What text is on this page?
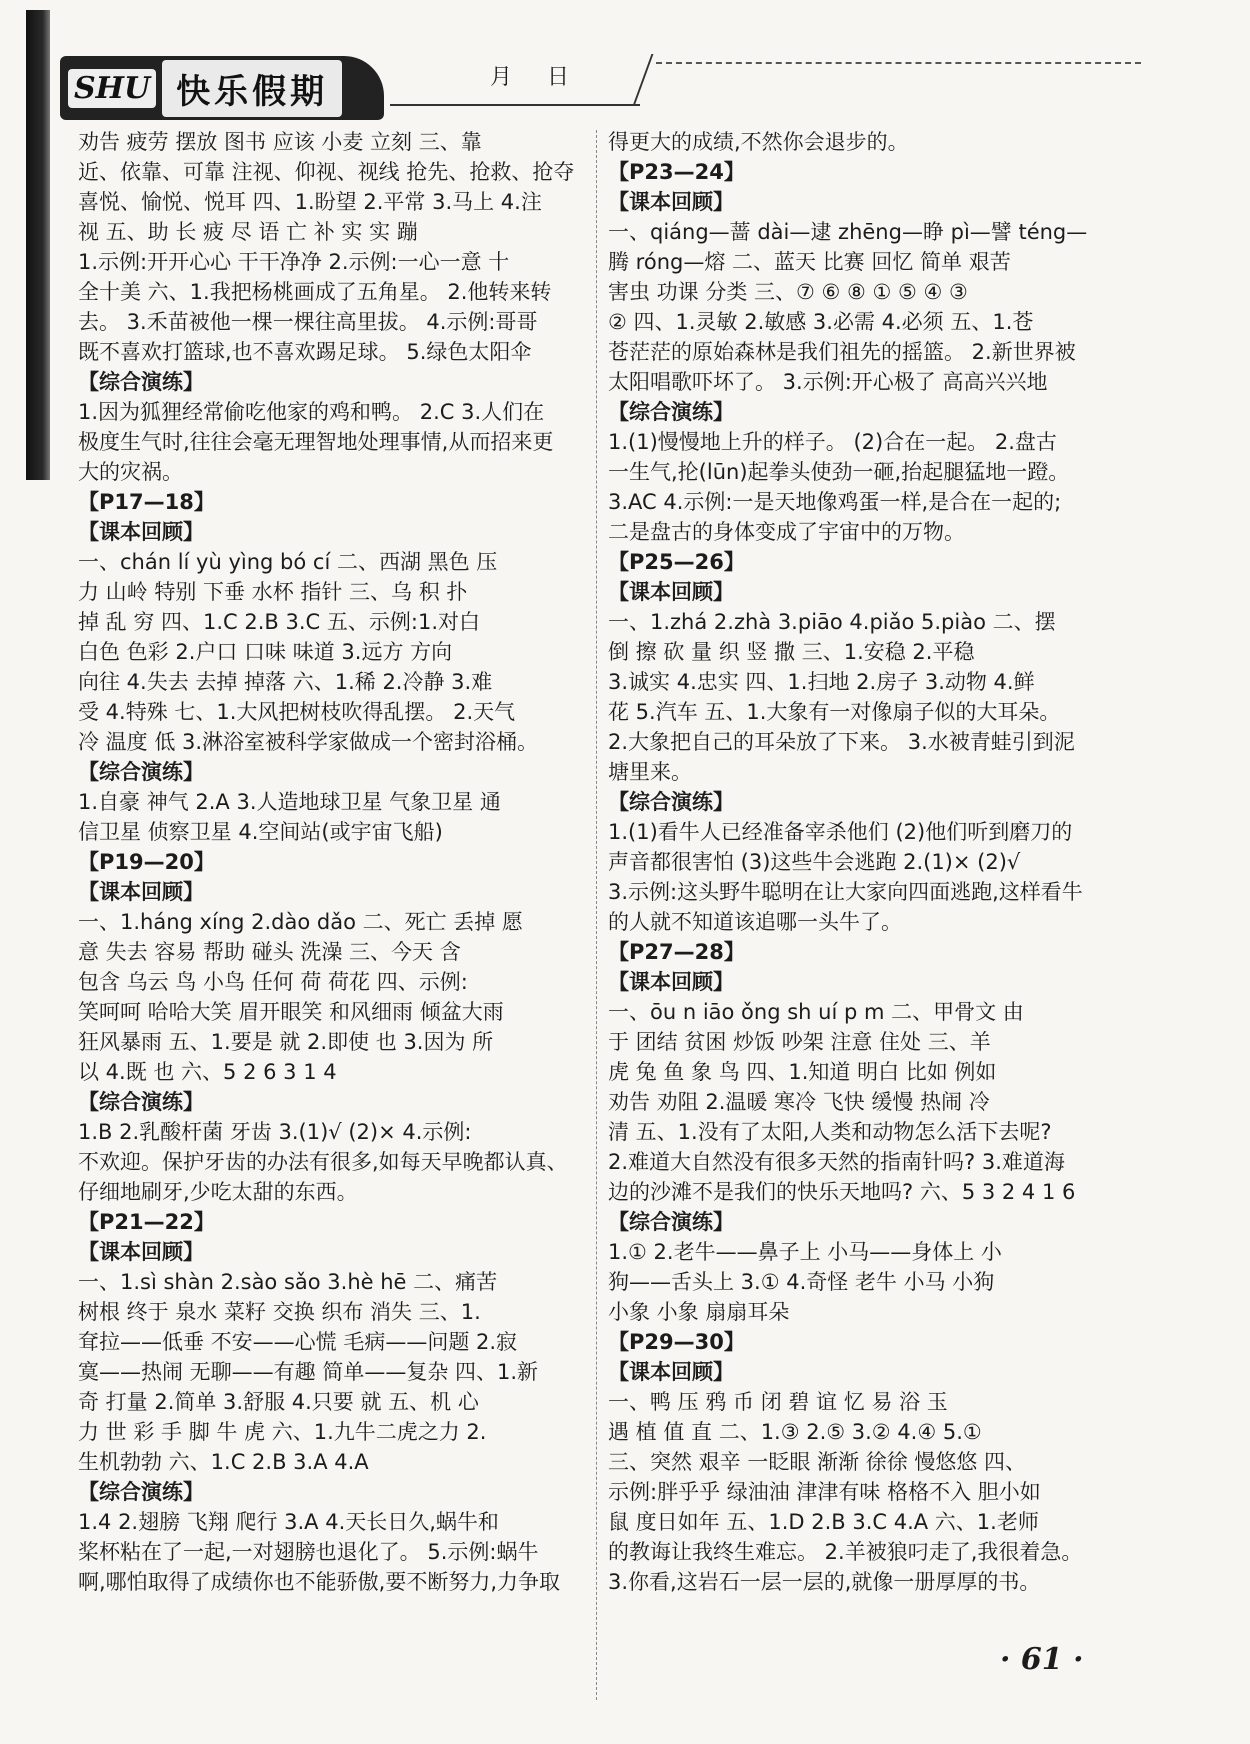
SHU 快乐假期	月 日
劝告 疲劳 摆放 图书 应该 小麦 立刻 三、靠
近、依靠、可靠 注视、仰视、视线 抢先、抢救、抢夺
喜悦、愉悦、悦耳 四、1.盼望 2.平常 3.马上 4.注
视 五、助 长 疲 尽 语 亡 补 实 实 蹦
1.示例:开开心心 干干净净 2.示例:一心一意 十
全十美 六、1.我把杨桃画成了五角星。 2.他转来转
去。 3.禾苗被他一棵一棵往高里拔。 4.示例:哥哥
既不喜欢打篮球,也不喜欢踢足球。 5.绿色太阳伞
【综合演练】
1.因为狐狸经常偷吃他家的鸡和鸭。 2.C 3.人们在
极度生气时,往往会毫无理智地处理事情,从而招来更
大的灾祸。
【P17—18】
【课本回顾】
一、chán lí yù yìng bó cí 二、西湖 黑色 压
力 山岭 特别 下垂 水杯 指针 三、乌 积 扑
掉 乱 穷 四、1.C 2.B 3.C 五、示例:1.对白
白色 色彩 2.户口 口味 味道 3.远方 方向
向往 4.失去 去掉 掉落 六、1.稀 2.冷静 3.难
受 4.特殊 七、1.大风把树枝吹得乱摆。 2.天气
冷 温度 低 3.淋浴室被科学家做成一个密封浴桶。
【综合演练】
1.自豪 神气 2.A 3.人造地球卫星 气象卫星 通
信卫星 侦察卫星 4.空间站(或宇宙飞船)
【P19—20】
【课本回顾】
一、1.háng xíng 2.dào dǎo 二、死亡 丢掉 愿
意 失去 容易 帮助 碰头 洗澡 三、今天 含
包含 乌云 鸟 小鸟 任何 荷 荷花 四、示例:
笑呵呵 哈哈大笑 眉开眼笑 和风细雨 倾盆大雨
狂风暴雨 五、1.要是 就 2.即使 也 3.因为 所
以 4.既 也 六、5 2 6 3 1 4
【综合演练】
1.B 2.乳酸杆菌 牙齿 3.(1)√ (2)× 4.示例:
不欢迎。保护牙齿的办法有很多,如每天早晚都认真、
仔细地刷牙,少吃太甜的东西。
【P21—22】
【课本回顾】
一、1.sì shàn 2.sào sǎo 3.hè hē 二、痛苦
树根 终于 泉水 菜籽 交换 织布 消失 三、1.
耷拉——低垂 不安——心慌 毛病——问题 2.寂
寞——热闹 无聊——有趣 简单——复杂 四、1.新
奇 打量 2.简单 3.舒服 4.只要 就 五、机 心
力 世 彩 手 脚 牛 虎 六、1.九牛二虎之力 2.
生机勃勃 六、1.C 2.B 3.A 4.A
【综合演练】
1.4 2.翅膀 飞翔 爬行 3.A 4.天长日久,蜗牛和
桨杯粘在了一起,一对翅膀也退化了。 5.示例:蜗牛
啊,哪怕取得了成绩你也不能骄傲,要不断努力,力争取
得更大的成绩,不然你会退步的。
【P23—24】
【课本回顾】
一、qiáng—蔷 dài—逮 zhēng—睁 pì—譬 téng—
腾 róng—熔 二、蓝天 比赛 回忆 简单 艰苦
害虫 功课 分类 三、⑦ ⑥ ⑧ ① ⑤ ④ ③
② 四、1.灵敏 2.敏感 3.必需 4.必须 五、1.苍
苍茫茫的原始森林是我们祖先的摇篮。 2.新世界被
太阳唱歌吓坏了。 3.示例:开心极了 高高兴兴地
【综合演练】
1.(1)慢慢地上升的样子。 (2)合在一起。 2.盘古
一生气,抡(lūn)起拳头使劲一砸,抬起腿猛地一蹬。
3.AC 4.示例:一是天地像鸡蛋一样,是合在一起的;
二是盘古的身体变成了宇宙中的万物。
【P25—26】
【课本回顾】
一、1.zhá 2.zhà 3.piāo 4.piǎo 5.piào 二、摆
倒 擦 砍 量 织 竖 撒 三、1.安稳 2.平稳
3.诚实 4.忠实 四、1.扫地 2.房子 3.动物 4.鲜
花 5.汽车 五、1.大象有一对像扇子似的大耳朵。
2.大象把自己的耳朵放了下来。 3.水被青蛙引到泥
塘里来。
【综合演练】
1.(1)看牛人已经准备宰杀他们 (2)他们听到磨刀的
声音都很害怕 (3)这些牛会逃跑 2.(1)× (2)√
3.示例:这头野牛聪明在让大家向四面逃跑,这样看牛
的人就不知道该追哪一头牛了。
【P27—28】
【课本回顾】
一、ōu n iāo ǒng sh uí p m 二、甲骨文 由
于 团结 贫困 炒饭 吵架 注意 住处 三、羊
虎 兔 鱼 象 鸟 四、1.知道 明白 比如 例如
劝告 劝阻 2.温暖 寒冷 飞快 缓慢 热闹 冷
清 五、1.没有了太阳,人类和动物怎么活下去呢?
2.难道大自然没有很多天然的指南针吗? 3.难道海
边的沙滩不是我们的快乐天地吗? 六、5 3 2 4 1 6
【综合演练】
1.① 2.老牛——鼻子上 小马——身体上 小
狗——舌头上 3.① 4.奇怪 老牛 小马 小狗
小象 小象 扇扇耳朵
【P29—30】
【课本回顾】
一、鸭 压 鸦 币 闭 碧 谊 忆 易 浴 玉
遇 植 值 直 二、1.③ 2.⑤ 3.② 4.④ 5.①
三、突然 艰辛 一眨眼 渐渐 徐徐 慢悠悠 四、
示例:胖乎乎 绿油油 津津有味 格格不入 胆小如
鼠 度日如年 五、1.D 2.B 3.C 4.A 六、1.老师
的教诲让我终生难忘。 2.羊被狼叼走了,我很着急。
3.你看,这岩石一层一层的,就像一册厚厚的书。
· 61 ·
